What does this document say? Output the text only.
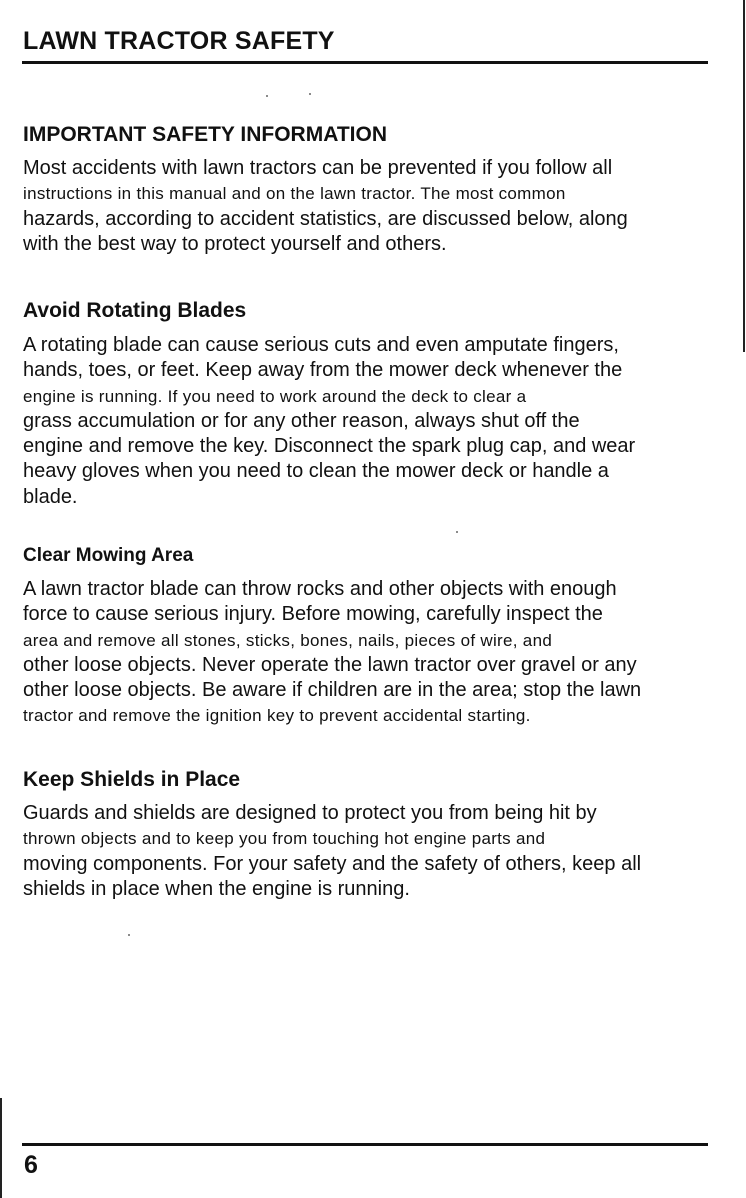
LAWN TRACTOR SAFETY
IMPORTANT SAFETY INFORMATION

Most accidents with lawn tractors can be prevented if you follow all
instructions in this manual and on the lawn tractor. The most common
hazards, according to accident statistics, are discussed below, along
with the best way to protect yourself and others.

Avoid Rotating Blades

A rotating blade can cause serious cuts and even amputate fingers,
hands, toes, or feet. Keep away from the mower deck whenever the
engine is running. If you need to work around the deck to clear a
grass accumulation or for any other reason, always shut off the
engine and remove the key. Disconnect the spark plug cap, and wear
heavy gloves when you need to clean the mower deck or handle a
blade.

Clear Mowing Area

A lawn tractor blade can throw rocks and other objects with enough
force to cause serious injury. Before mowing, carefully inspect the
area and remove all stones, sticks, bones, nails, pieces of wire, and
other loose objects. Never operate the lawn tractor over gravel or any
other loose objects. Be aware if children are in the area; stop the lawn
tractor and remove the ignition key to prevent accidental starting.

Keep Shields in Place

Guards and shields are designed to protect you from being hit by
thrown objects and to keep you from touching hot engine parts and
moving components. For your safety and the safety of others, keep all
shields in place when the engine is running.

6
